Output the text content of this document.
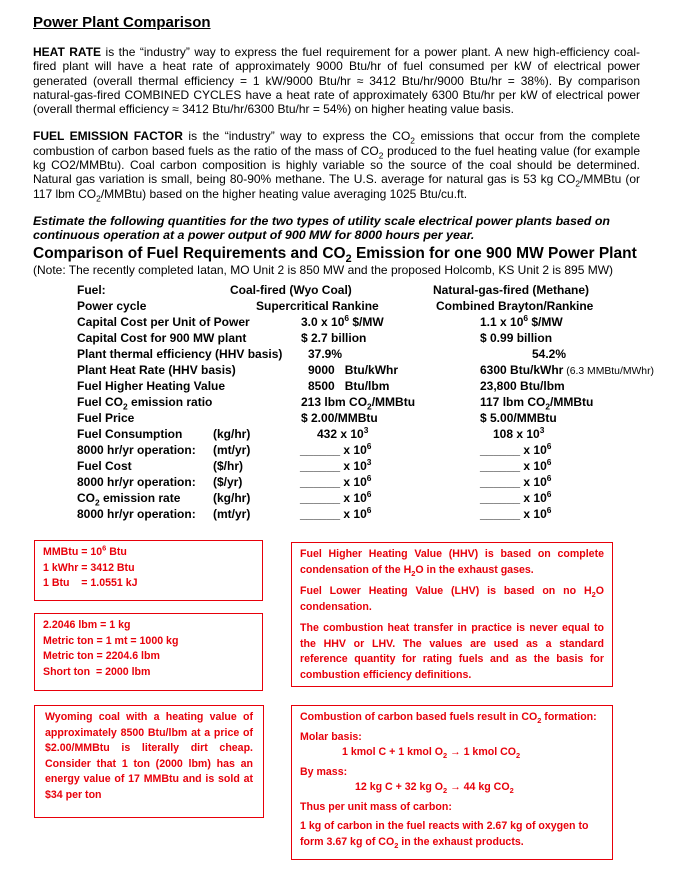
Power Plant Comparison

HEAT RATE is the “industry” way to express the fuel requirement for a power plant. A new high-efficiency coal-fired plant will have a heat rate of approximately 9000 Btu/hr of fuel consumed per kW of electrical power generated (overall thermal efficiency = 1 kW/9000 Btu/hr ≈ 3412 Btu/hr/9000 Btu/hr = 38%). By comparison natural-gas-fired COMBINED CYCLES have a heat rate of approximately 6300 Btu/hr per kW of electrical power (overall thermal efficiency ≈ 3412 Btu/hr/6300 Btu/hr = 54%) on higher heating value basis.

FUEL EMISSION FACTOR is the “industry” way to express the $CO_2$ emissions that occur from the complete combustion of carbon based fuels as the ratio of the mass of $CO_2$ produced to the fuel heating value (for example kg CO2/MMBtu). Coal carbon composition is highly variable so the source of the coal should be determined. Natural gas variation is small, being 80-90% methane. The U.S. average for natural gas is 53 kg $CO_2$/MMBtu (or 117 lbm $CO_2/MMBtu$) based on the higher heating value averaging 1025 Btu/cu.ft.

Estimate the following quantities for the two types of utility scale electrical power plants based on continuous operation at a power output of 900 MW for 8000 hours per year.

Comparison of Fuel Requirements and $CO_2$ Emission for one 900 MW Power Plant

(Note: The recently completed Iatan, MO Unit 2 is 850 MW and the proposed Holcomb, KS Unit 2 is 895 MW)

Fuel:	Coal-fired (Wyo Coal)	Natural-gas-fired (Methane)
Power cycle	Supercritical Rankine	Combined Brayton/Rankine
Capital Cost per Unit of Power	3.0 x $10^6$ $/MW	1.1 x $10^6$ $/MW
Capital Cost for 900 MW plant	$ 2.7 billion	$ 0.99 billion
Plant thermal efficiency (HHV basis) 37.9%	54.2%
Plant Heat Rate (HHV basis)	9000   Btu/kWhr	6300 Btu/kWhr (6.3 MMBtu/MWhr)
Fuel Higher Heating Value	8500   Btu/lbm	23,800 Btu/lbm
Fuel $CO_2$ emission ratio	213 lbm $CO_2$/MMBtu	117 lbm $CO_2$/MMBtu
Fuel Price	$ 2.00/MMBtu	$ 5.00/MMBtu
Fuel Consumption	(kg/hr)	432 x $10^3$	108 x $10^3$
8000 hr/yr operation: (mt/yr)	______ x $10^6$	______ x $10^6$
Fuel Cost	($/hr)	______ x $10^3$	______ x $10^6$
8000 hr/yr operation: ($/yr)	______ x $10^6$	______ x $10^6$
$CO_2$ emission rate	(kg/hr)	______ x $10^6$	______ x $10^6$
8000 hr/yr operation: (mt/yr)	______ x $10^6$	______ x $10^6$

MMBtu = $10^6$ Btu

1 kWhr = 3412 Btu

1 Btu    = 1.0551 kJ

2.2046 lbm = 1 kg

Metric ton = 1 mt = 1000 kg

Metric ton = 2204.6 lbm

Short ton  = 2000 lbm

Wyoming coal with a heating value of approximately 8500 Btu/lbm at a price of $2.00/MMBtu is literally dirt cheap. Consider that 1 ton (2000 lbm) has an energy value of 17 MMBtu and is sold at $34 per ton

Fuel Higher Heating Value (HHV) is based on complete condensation of the $H_2O$ in the exhaust gases.

Fuel Lower Heating Value (LHV) is based on no $H_2O$ condensation.

The combustion heat transfer in practice is never equal to the HHV or LHV. The values are used as a standard reference quantity for rating fuels and as the basis for combustion efficiency definitions.

Combustion of carbon based fuels result in $CO_2$ formation:

Molar basis:

1 kmol C + 1 kmol $O_2 \to 1$ kmol $CO_2$

By mass:

12 kg C + 32 kg $O_2 \to 44$ kg $CO_2$

Thus per unit mass of carbon:

1 kg of carbon in the fuel reacts with 2.67 kg of oxygen to form 3.67 kg of $CO_2$ in the exhaust products.
